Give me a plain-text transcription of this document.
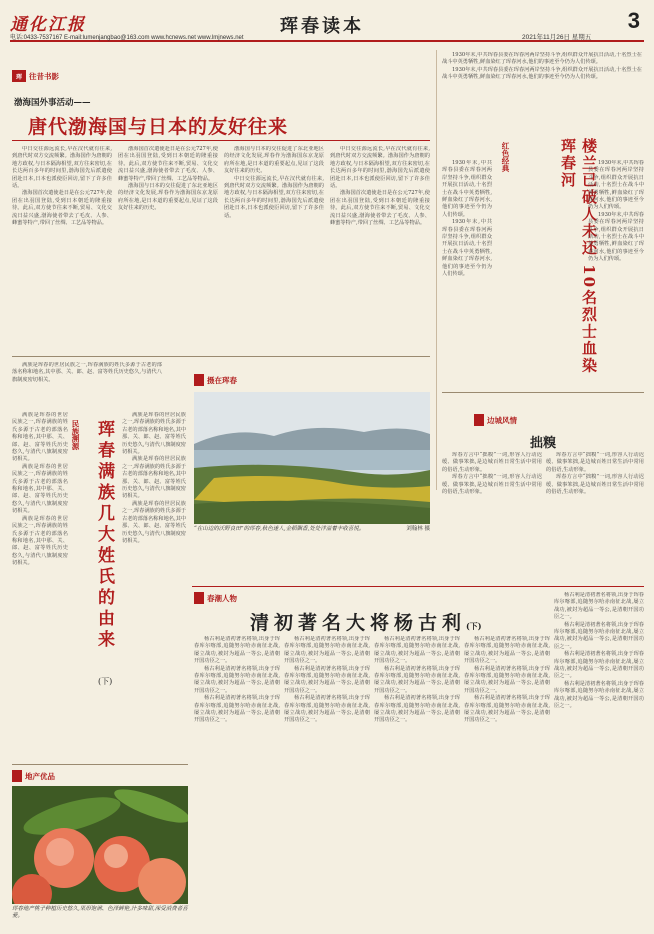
通化江报	珲春读本	3
电话:0433-7537167 E-mail:lumenjangbao@163.com www.hcnews.net www.lmjnews.net	2021年11月26日 星期五
珲 往昔书影
渤海国外事活动——
唐代渤海国与日本的友好往来

中日交往源远流长,早在汉代就有往来,到唐代时双方交流频繁。渤海国作为唐朝的地方政权,与日本隔海相望,双方往来密切,在长达两百多年的时间里,渤海国先后派遣使团赴日本,日本也派使臣回访,留下了许多佳话。

渤海国首次遣使赴日是在公元727年,使团在出羽国登陆,受到日本朝廷的隆重接待。此后,双方使节往来不断,贸易、文化交流日益兴盛,渤海使者带去了毛皮、人参、蜂蜜等特产,带回了丝绸、工艺品等物品。

渤海国首次遣使赴日是在公元727年,使团在出羽国登陆,受到日本朝廷的隆重接待。此后,双方使节往来不断,贸易、文化交流日益兴盛,渤海使者带去了毛皮、人参、蜂蜜等特产,带回了丝绸、工艺品等物品。

渤海国与日本的交往促进了东北亚地区的经济文化发展,珲春作为渤海国东京龙原府所在地,是日本道的重要起点,见证了这段友好往来的历史。

渤海国与日本的交往促进了东北亚地区的经济文化发展,珲春作为渤海国东京龙原府所在地,是日本道的重要起点,见证了这段友好往来的历史。

中日交往源远流长,早在汉代就有往来,到唐代时双方交流频繁。渤海国作为唐朝的地方政权,与日本隔海相望,双方往来密切,在长达两百多年的时间里,渤海国先后派遣使团赴日本,日本也派使臣回访,留下了许多佳话。

中日交往源远流长,早在汉代就有往来,到唐代时双方交流频繁。渤海国作为唐朝的地方政权,与日本隔海相望,双方往来密切,在长达两百多年的时间里,渤海国先后派遣使团赴日本,日本也派使臣回访,留下了许多佳话。

渤海国首次遣使赴日是在公元727年,使团在出羽国登陆,受到日本朝廷的隆重接待。此后,双方使节往来不断,贸易、文化交流日益兴盛,渤海使者带去了毛皮、人参、蜂蜜等特产,带回了丝绸、工艺品等物品。

1930年末,中共珲春县委在珲春河两岸坚持斗争,组织群众开展抗日活动,十名烈士在战斗中英勇牺牲,鲜血染红了珲春河水,他们的事迹至今仍为人们传颂。

1930年末,中共珲春县委在珲春河两岸坚持斗争,组织群众开展抗日活动,十名烈士在战斗中英勇牺牲,鲜血染红了珲春河水,他们的事迹至今仍为人们传颂。

红色经典	楼兰已破人未还 10名烈士血染珲春河

1930年末,中共珲春县委在珲春河两岸坚持斗争,组织群众开展抗日活动,十名烈士在战斗中英勇牺牲,鲜血染红了珲春河水,他们的事迹至今仍为人们传颂。

1930年末,中共珲春县委在珲春河两岸坚持斗争,组织群众开展抗日活动,十名烈士在战斗中英勇牺牲,鲜血染红了珲春河水,他们的事迹至今仍为人们传颂。

1930年末,中共珲春县委在珲春河两岸坚持斗争,组织群众开展抗日活动,十名烈士在战斗中英勇牺牲,鲜血染红了珲春河水,他们的事迹至今仍为人们传颂。

1930年末,中共珲春县委在珲春河两岸坚持斗争,组织群众开展抗日活动,十名烈士在战斗中英勇牺牲,鲜血染红了珲春河水,他们的事迹至今仍为人们传颂。

边城风情
拙糗

珲春方言中“拙糗”一词,形容人行动迟缓、做事笨拙,是边城百姓日常生活中常用的俗语,生动形象。

珲春方言中“拙糗”一词,形容人行动迟缓、做事笨拙,是边城百姓日常生活中常用的俗语,生动形象。

珲春方言中“拙糗”一词,形容人行动迟缓、做事笨拙,是边城百姓日常生活中常用的俗语,生动形象。

珲春方言中“拙糗”一词,形容人行动迟缓、做事笨拙,是边城百姓日常生活中常用的俗语,生动形象。

满族是珲春的世居民族之一,珲春满族的姓氏多源于古老的部落名称和地名,其中那、关、郎、赵、富等姓氏历史悠久,与清代八旗制度密切相关。

民族溯源 珲春满族几大姓氏的由来
(下)

满族是珲春的世居民族之一,珲春满族的姓氏多源于古老的部落名称和地名,其中那、关、郎、赵、富等姓氏历史悠久,与清代八旗制度密切相关。

满族是珲春的世居民族之一,珲春满族的姓氏多源于古老的部落名称和地名,其中那、关、郎、赵、富等姓氏历史悠久,与清代八旗制度密切相关。

满族是珲春的世居民族之一,珲春满族的姓氏多源于古老的部落名称和地名,其中那、关、郎、赵、富等姓氏历史悠久,与清代八旗制度密切相关。

满族是珲春的世居民族之一,珲春满族的姓氏多源于古老的部落名称和地名,其中那、关、郎、赵、富等姓氏历史悠久,与清代八旗制度密切相关。

满族是珲春的世居民族之一,珲春满族的姓氏多源于古老的部落名称和地名,其中那、关、郎、赵、富等姓氏历史悠久,与清代八旗制度密切相关。

满族是珲春的世居民族之一,珲春满族的姓氏多源于古老的部落名称和地名,其中那、关、郎、赵、富等姓氏历史悠久,与清代八旗制度密切相关。

摄在珲春
“在山边的沃野良田”的珲春,秋色迷人,金稻飘香,处处洋溢着丰收喜悦。	刘翰林 摄
春潮人物
清初著名大将杨古利(下)

杨古利是清初著名将领,出身于珲春库尔喀部,追随努尔哈赤南征北战,屡立战功,被封为超品一等公,是清朝开国功臣之一。

杨古利是清初著名将领,出身于珲春库尔喀部,追随努尔哈赤南征北战,屡立战功,被封为超品一等公,是清朝开国功臣之一。

杨古利是清初著名将领,出身于珲春库尔喀部,追随努尔哈赤南征北战,屡立战功,被封为超品一等公,是清朝开国功臣之一。

杨古利是清初著名将领,出身于珲春库尔喀部,追随努尔哈赤南征北战,屡立战功,被封为超品一等公,是清朝开国功臣之一。

杨古利是清初著名将领,出身于珲春库尔喀部,追随努尔哈赤南征北战,屡立战功,被封为超品一等公,是清朝开国功臣之一。

杨古利是清初著名将领,出身于珲春库尔喀部,追随努尔哈赤南征北战,屡立战功,被封为超品一等公,是清朝开国功臣之一。

杨古利是清初著名将领,出身于珲春库尔喀部,追随努尔哈赤南征北战,屡立战功,被封为超品一等公,是清朝开国功臣之一。

杨古利是清初著名将领,出身于珲春库尔喀部,追随努尔哈赤南征北战,屡立战功,被封为超品一等公,是清朝开国功臣之一。

杨古利是清初著名将领,出身于珲春库尔喀部,追随努尔哈赤南征北战,屡立战功,被封为超品一等公,是清朝开国功臣之一。

杨古利是清初著名将领,出身于珲春库尔喀部,追随努尔哈赤南征北战,屡立战功,被封为超品一等公,是清朝开国功臣之一。

杨古利是清初著名将领,出身于珲春库尔喀部,追随努尔哈赤南征北战,屡立战功,被封为超品一等公,是清朝开国功臣之一。

杨古利是清初著名将领,出身于珲春库尔喀部,追随努尔哈赤南征北战,屡立战功,被封为超品一等公,是清朝开国功臣之一。

杨古利是清初著名将领,出身于珲春库尔喀部,追随努尔哈赤南征北战,屡立战功,被封为超品一等公,是清朝开国功臣之一。

杨古利是清初著名将领,出身于珲春库尔喀部,追随努尔哈赤南征北战,屡立战功,被封为超品一等公,是清朝开国功臣之一。

杨古利是清初著名将领,出身于珲春库尔喀部,追随努尔哈赤南征北战,屡立战功,被封为超品一等公,是清朝开国功臣之一。

杨古利是清初著名将领,出身于珲春库尔喀部,追随努尔哈赤南征北战,屡立战功,被封为超品一等公,是清朝开国功臣之一。

地产优品
珲春地产桃子种植历史悠久,果形饱满、色泽鲜艳,汁多味甜,深受消费者喜爱。
